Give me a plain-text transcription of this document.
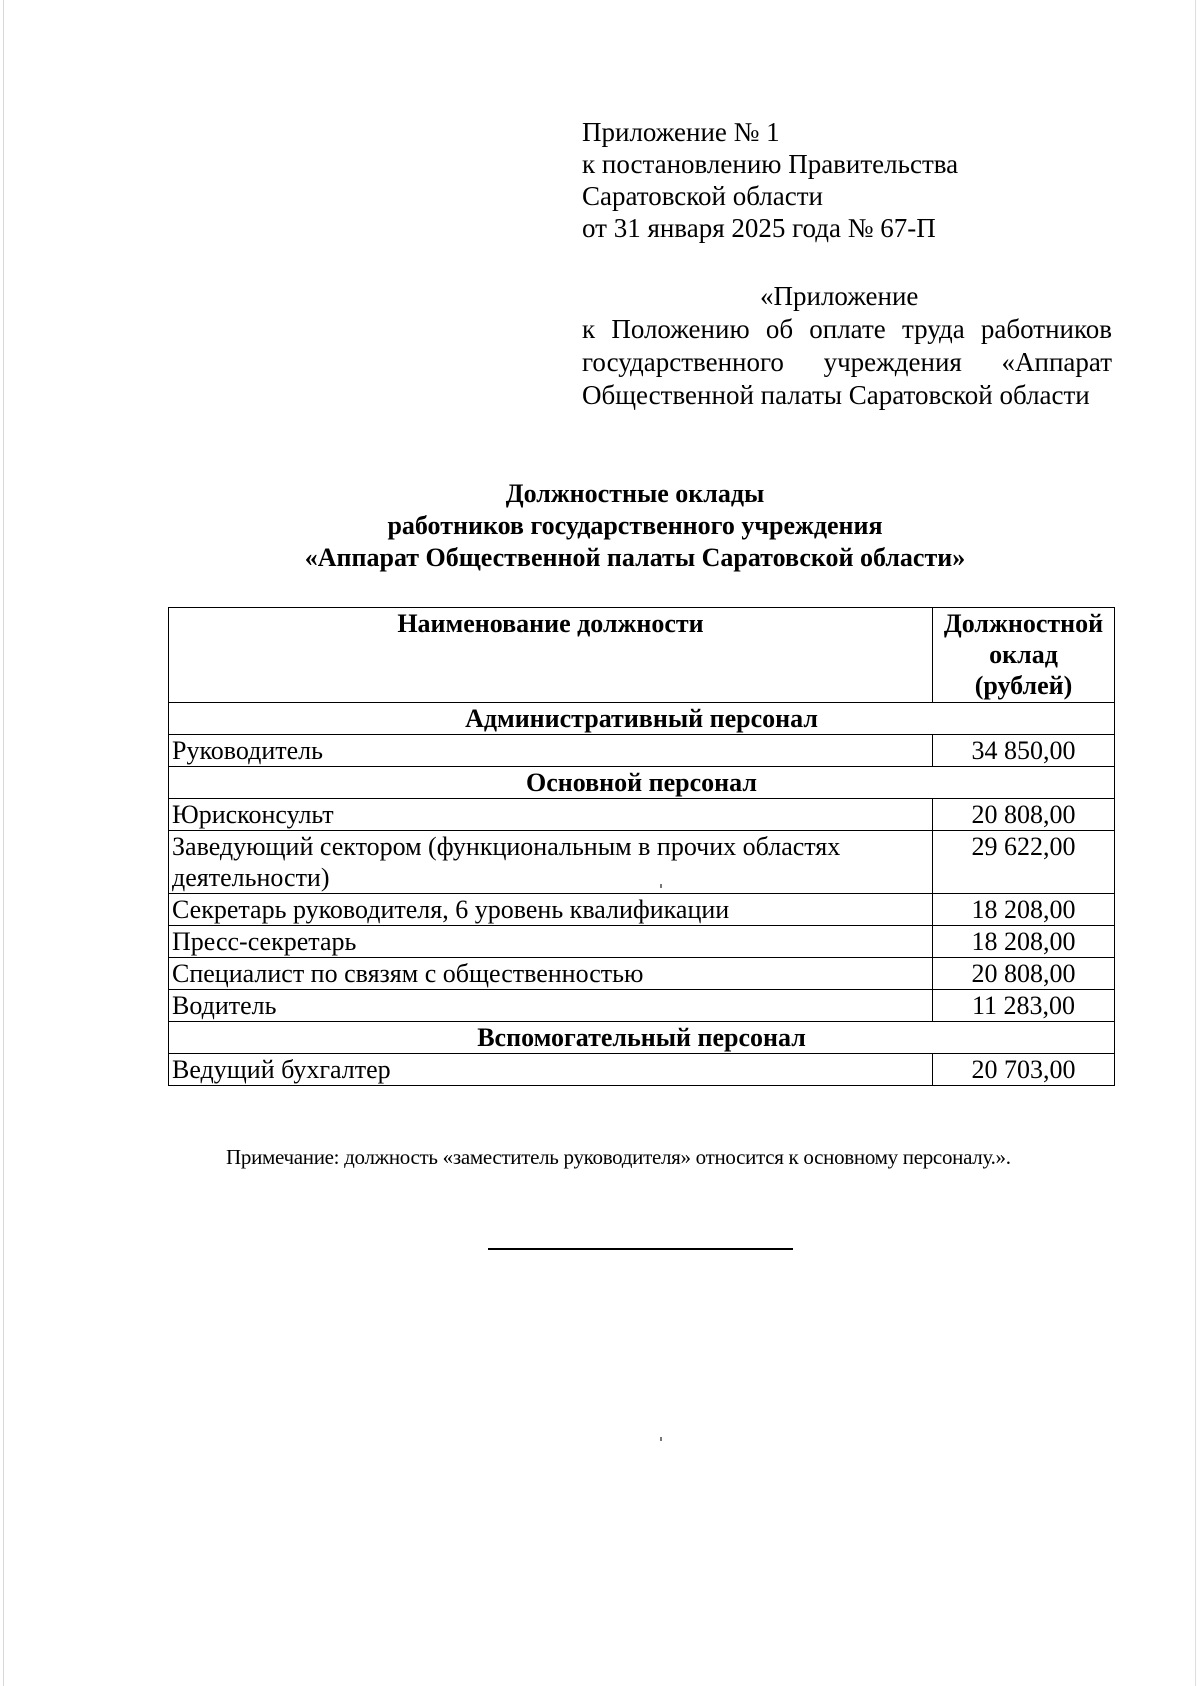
Приложение № 1
к постановлению Правительства
Саратовской области
от 31 января 2025 года № 67-П
«Приложение
к Положению об оплате труда работников государственного учреждения «Аппарат Общественной палаты Саратовской области
Должностные оклады
работников государственного учреждения
«Аппарат Общественной палаты Саратовской области»
Наименование должности	Должностной
оклад
(рублей)

Административный персонал	
Руководитель	34 850,00
Основной персонал	
Юрисконсульт	20 808,00
Заведующий сектором (функциональным в прочих областях деятельности)	29 622,00
Секретарь руководителя, 6 уровень квалификации	18 208,00
Пресс-секретарь	18 208,00
Специалист по связям с общественностью	20 808,00
Водитель	11 283,00
Вспомогательный персонал	
Ведущий бухгалтер	20 703,00
Примечание: должность «заместитель руководителя» относится к основному персоналу.».
